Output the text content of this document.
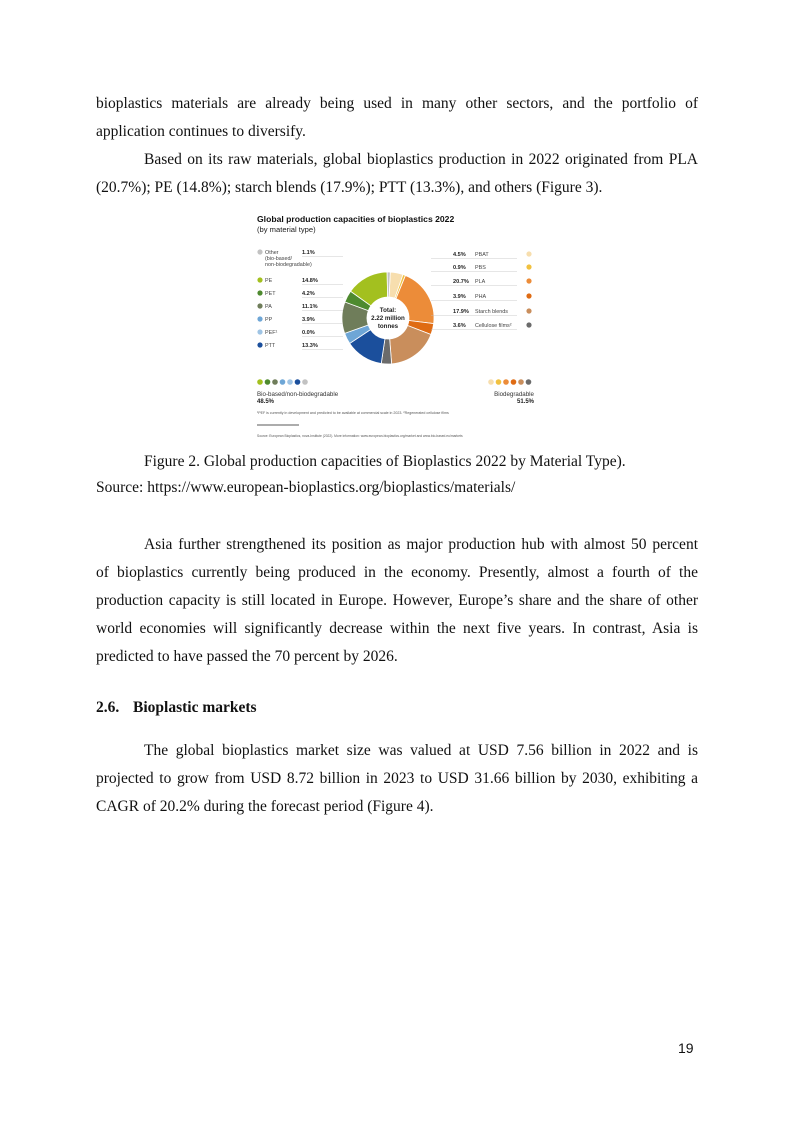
bioplastics materials are already being used in many other sectors, and the portfolio of
application continues to diversify.
Based on its raw materials, global bioplastics production in 2022 originated from PLA
(20.7%); PE (14.8%); starch blends (17.9%); PTT (13.3%), and others (Figure 3).
Global production capacities of bioplastics 2022
(by material type)
Total:
2.22 million
tonnes
Other
(bio-based/
non-biodegradable)
1.1%
PE	14.8%
PET	4.2%
PA	11.1%
PP	3.9%
PEF¹	0.0%
PTT	13.3%
4.5% PBAT
0.9% PBS
20.7% PLA
3.9% PHA
17.9% Starch blends
3.6% Cellulose films²
Bio-based/non-biodegradable
48.5%
Biodegradable
51.5%
¹PEF is currently in development and predicted to be available at commercial scale in 2023. ²Regenerated cellulose films
Source: European Bioplastics, nova-Institute (2022). More information: www.european-bioplastics.org/market and www.bio-based.eu/markets
Figure 2. Global production capacities of Bioplastics 2022 by Material Type).
Source: https://www.european-bioplastics.org/bioplastics/materials/
Asia further strengthened its position as major production hub with almost 50 percent
of bioplastics currently being produced in the economy. Presently, almost a fourth of the
production capacity is still located in Europe. However, Europe’s share and the share of other
world economies will significantly decrease within the next five years. In contrast, Asia is
predicted to have passed the 70 percent by 2026.
2.6. Bioplastic markets
The global bioplastics market size was valued at USD 7.56 billion in 2022 and is
projected to grow from USD 8.72 billion in 2023 to USD 31.66 billion by 2030, exhibiting a
CAGR of 20.2% during the forecast period (Figure 4).
19
